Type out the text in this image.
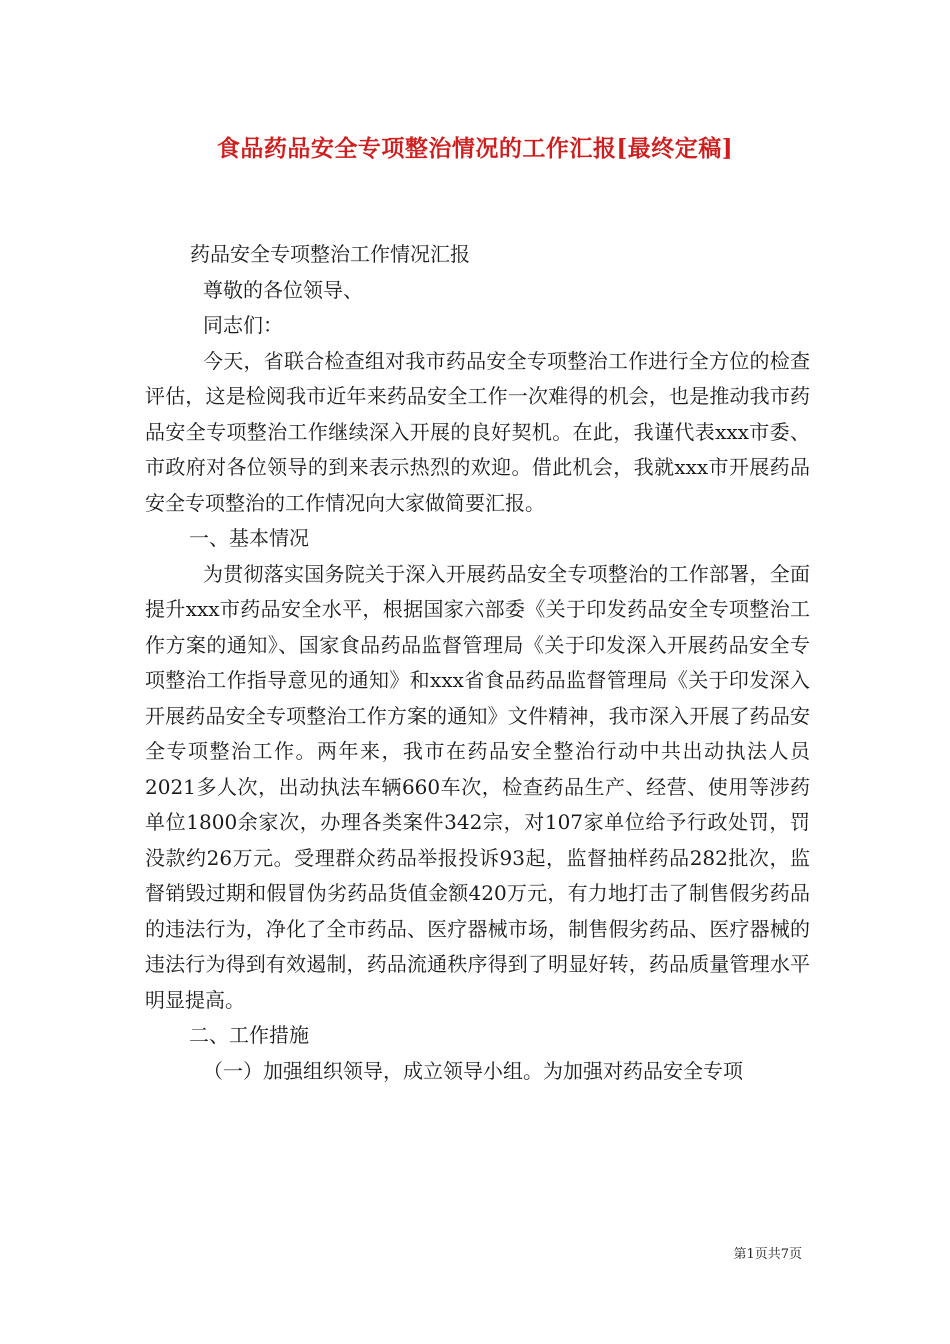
食品药品安全专项整治情况的工作汇报[最终定稿]

药品安全专项整治工作情况汇报

尊敬的各位领导、

同志们：

今天，省联合检查组对我市药品安全专项整治工作进行全方位的检查评估，这是检阅我市近年来药品安全工作一次难得的机会，也是推动我市药品安全专项整治工作继续深入开展的良好契机。在此，我谨代表xxx市委、市政府对各位领导的到来表示热烈的欢迎。借此机会，我就xxx市开展药品安全专项整治的工作情况向大家做简要汇报。

一、基本情况

为贯彻落实国务院关于深入开展药品安全专项整治的工作部署，全面提升xxx市药品安全水平，根据国家六部委《关于印发药品安全专项整治工作方案的通知》、国家食品药品监督管理局《关于印发深入开展药品安全专项整治工作指导意见的通知》和xxx省食品药品监督管理局《关于印发深入开展药品安全专项整治工作方案的通知》文件精神，我市深入开展了药品安全专项整治工作。两年来，我市在药品安全整治行动中共出动执法人员2021多人次，出动执法车辆660车次，检查药品生产、经营、使用等涉药单位1800余家次，办理各类案件342宗，对107家单位给予行政处罚，罚没款约26万元。受理群众药品举报投诉93起，监督抽样药品282批次，监督销毁过期和假冒伪劣药品货值金额420万元，有力地打击了制售假劣药品的违法行为，净化了全市药品、医疗器械市场，制售假劣药品、医疗器械的违法行为得到有效遏制，药品流通秩序得到了明显好转，药品质量管理水平明显提高。

二、工作措施

（一）加强组织领导，成立领导小组。为加强对药品安全专项

第1页共7页
